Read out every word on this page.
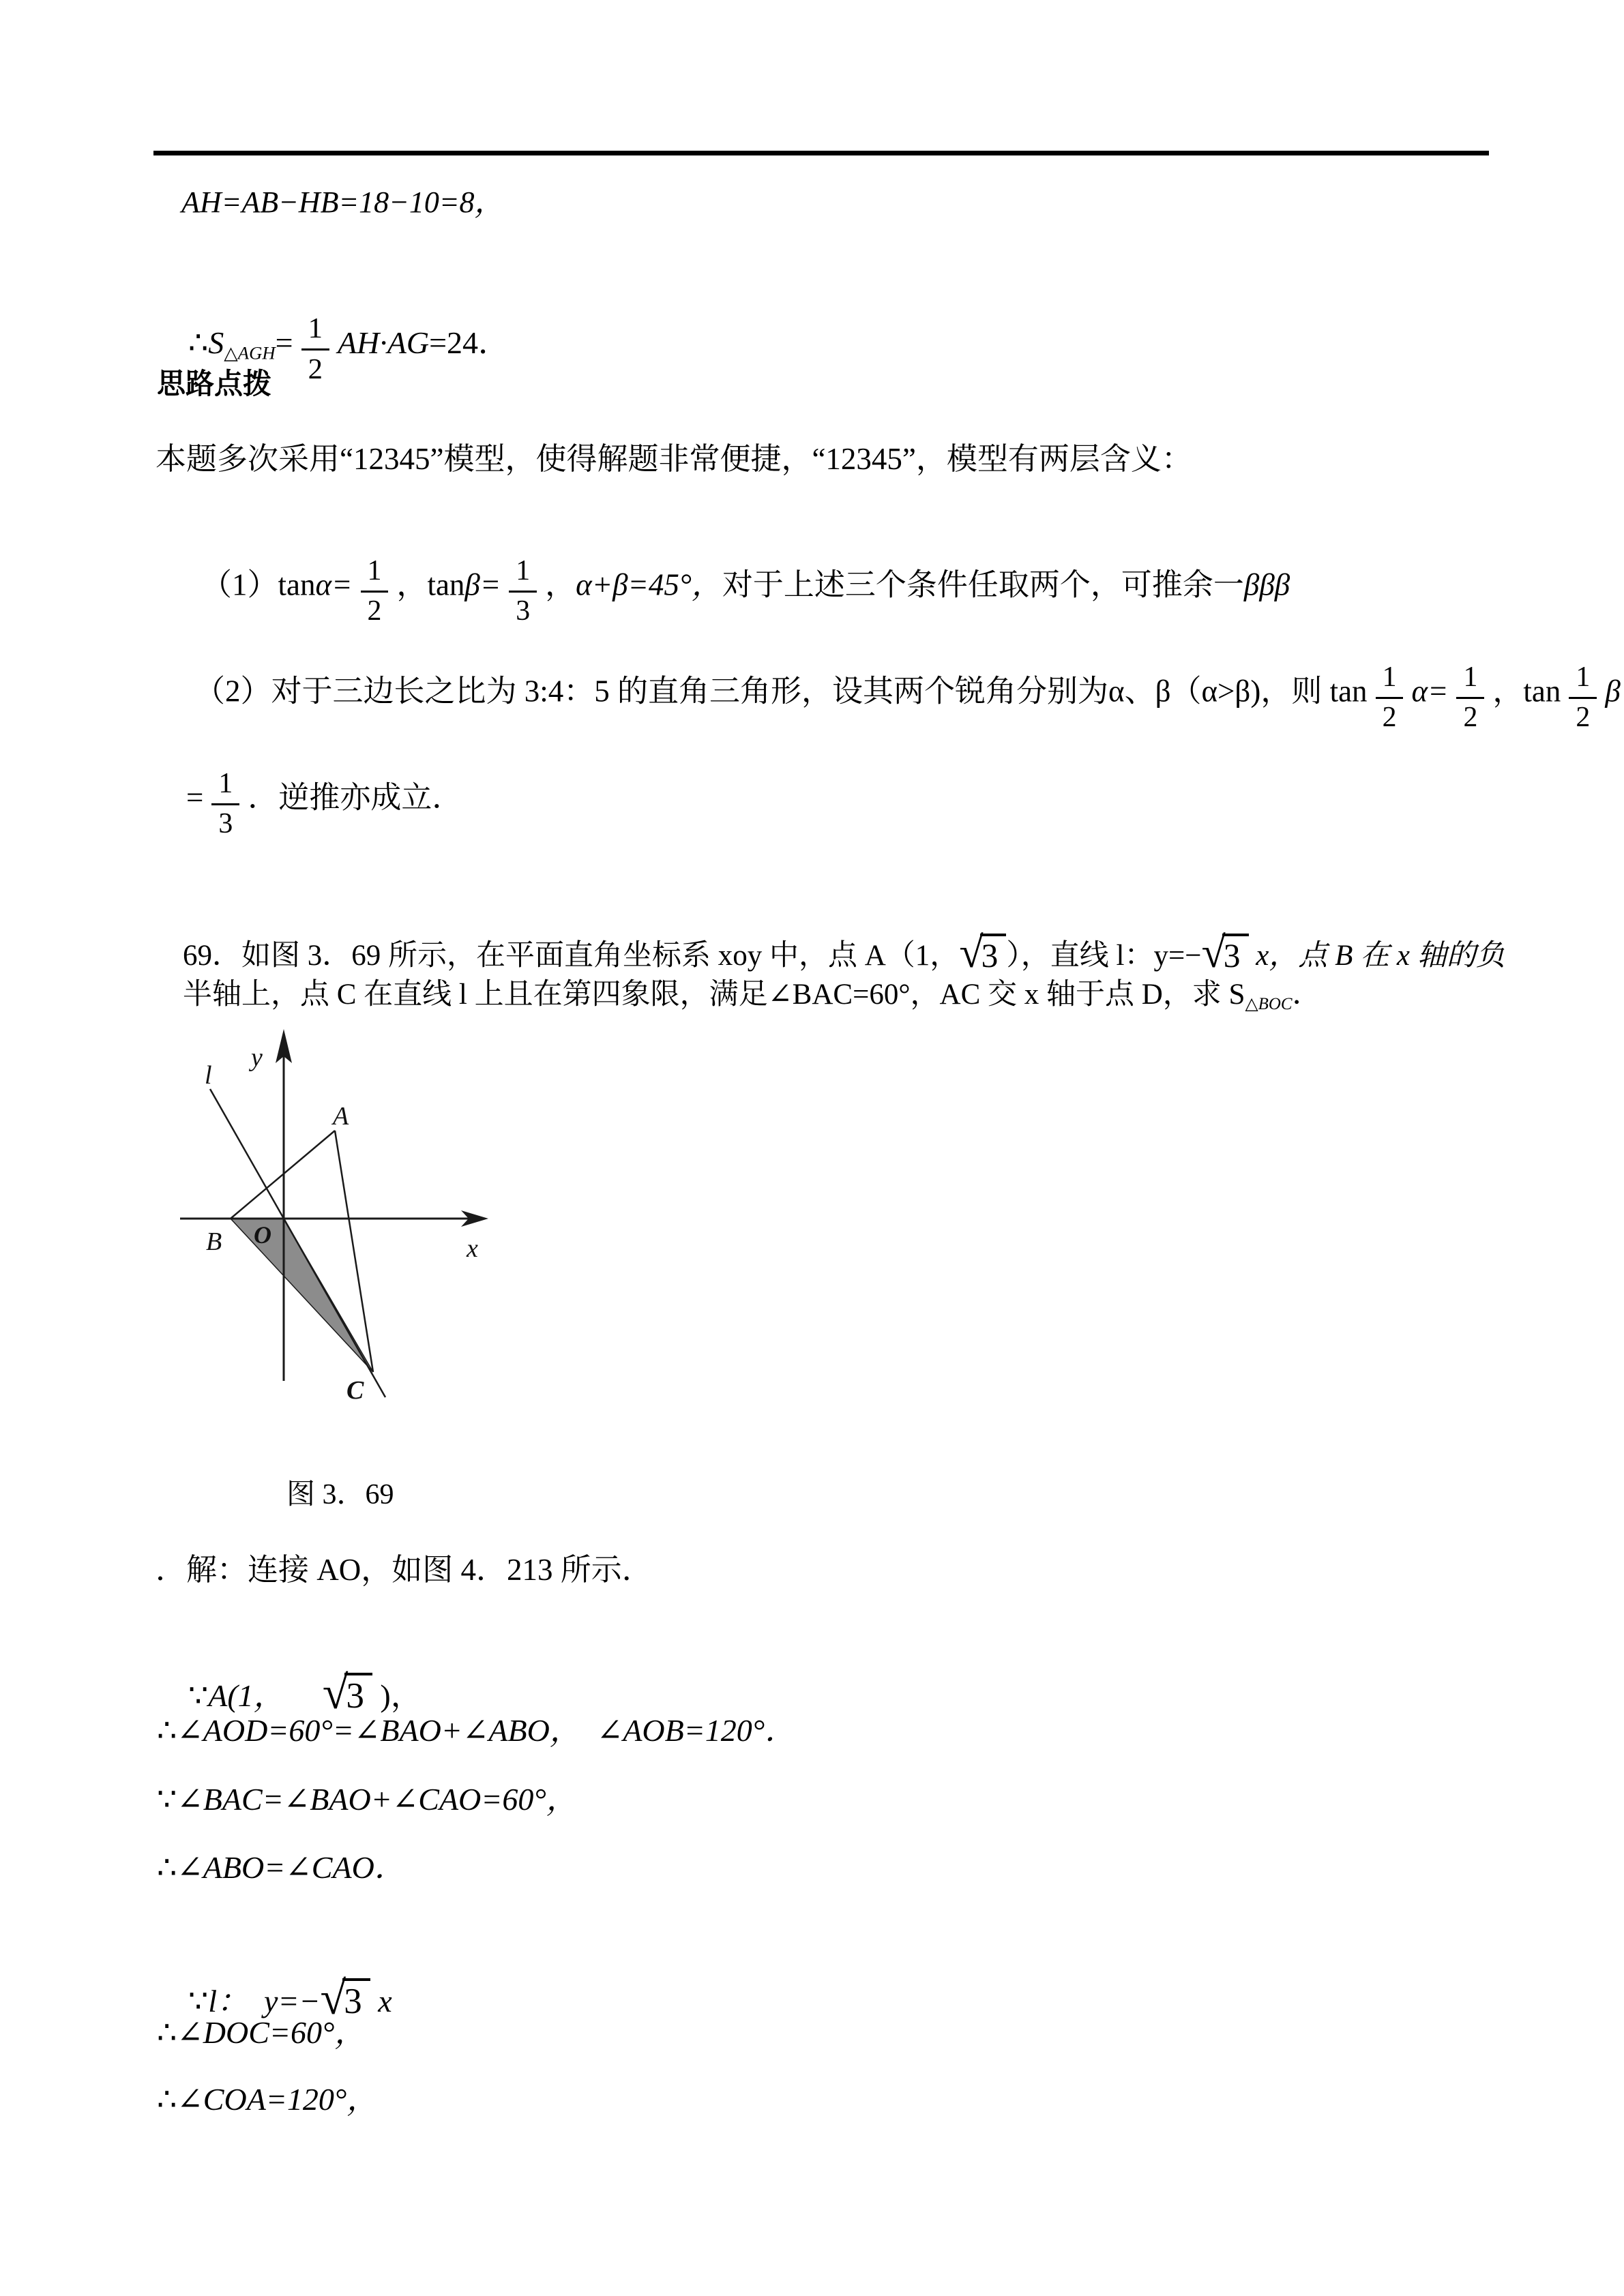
AH=AB−HB=18−10=8，

$\therefore S_{\triangle AGH}= \frac{1}{2} AH\cdot AG=24$．

思路点拨
本题多次采用“12345”模型，使得解题非常便捷，“12345”，模型有两层含义：

$(1)\tan\alpha= \frac{1}{2}$ ，$\tan\beta= \frac{1}{3}$ ，α+β=45°，对于上述三个条件任取两个，可推余一βββ

（2）对于三边长之比为 3:4：5 的直角三角形，设其两个锐角分别为α、β（α>β)，则 $\tan \frac{1}{2} \alpha= \frac{1}{2}$ ，$\tan \frac{1}{2}$ β

= $\frac{1}{3}$ ．逆推亦成立．

69．如图 3．69 所示，在平面直角坐标系 xoy 中，点 A（1， √
3 ），直线 l：y=− √
3 x，点 B 在 x 轴的负

半轴上，点 C 在直线 l 上且在第四象限，满足∠BAC=60°，AC 交 x 轴于点 D，求 $S_{\triangle BOC}$．

l
y
x
A
B O
C
图 3．69
．解：连接 AO，如图 4．213 所示．

∵A(1， √
3 )，

∴∠AOD=60°=∠BAO+∠ABO，  ∠AOB=120°．
∵∠BAC=∠BAO+∠CAO=60°，
∴∠ABO=∠CAO．

∵l：  y=− √
3 x

∴∠DOC=60°，
∴∠COA=120°，
